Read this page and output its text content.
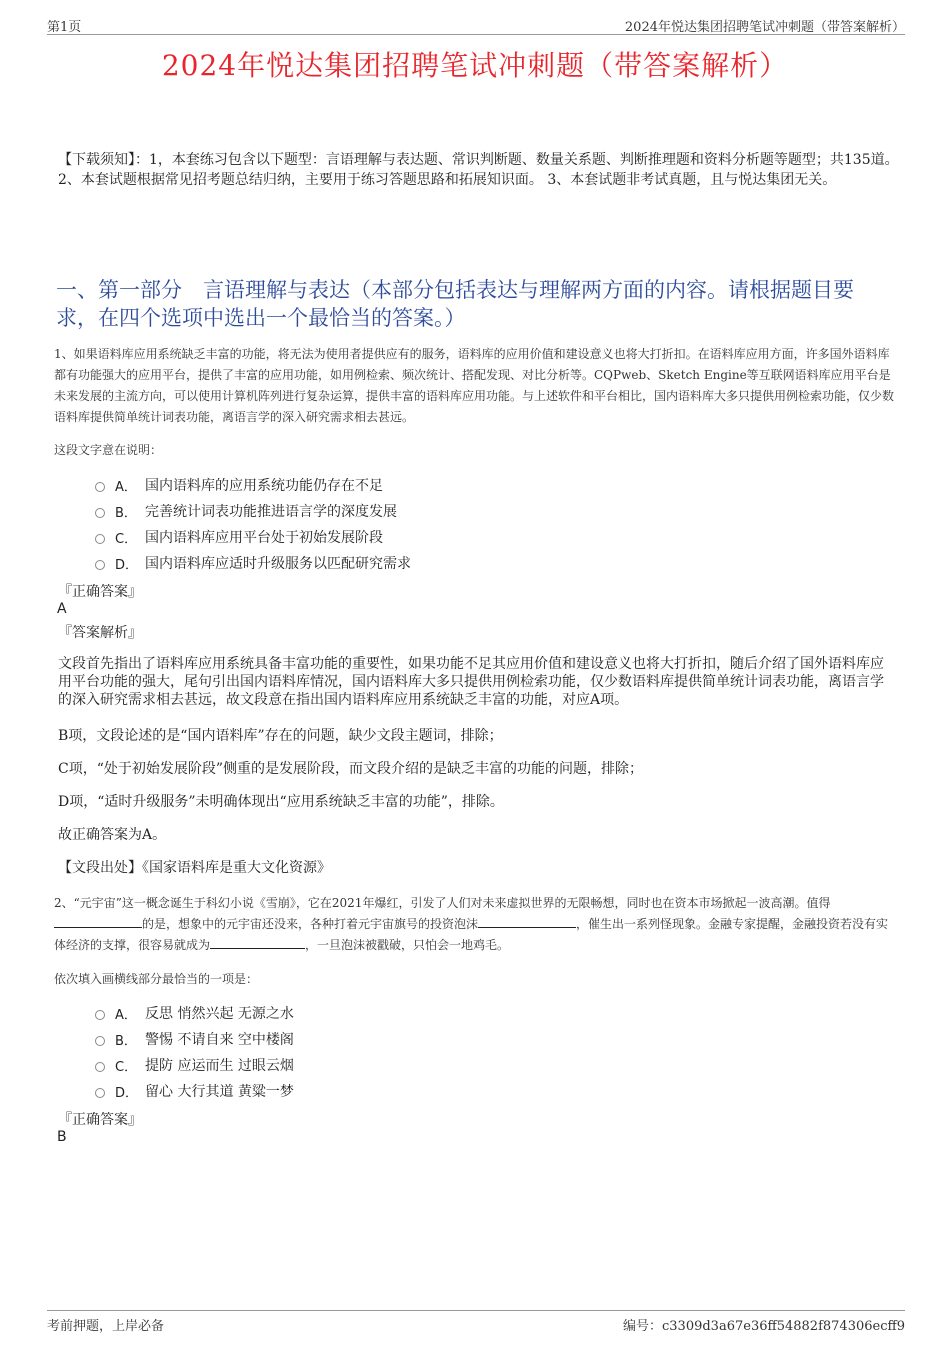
第1页	2024年悦达集团招聘笔试冲刺题（带答案解析）
2024年悦达集团招聘笔试冲刺题（带答案解析）
【下载须知】：1，本套练习包含以下题型：言语理解与表达题、常识判断题、数量关系题、判断推理题和资料分析题等题型；共135道。 2、本套试题根据常见招考题总结归纳，主要用于练习答题思路和拓展知识面。 3、本套试题非考试真题，且与悦达集团无关。
一、第一部分　言语理解与表达（本部分包括表达与理解两方面的内容。请根据题目要求，在四个选项中选出一个最恰当的答案。）
1、如果语料库应用系统缺乏丰富的功能，将无法为使用者提供应有的服务，语料库的应用价值和建设意义也将大打折扣。在语料库应用方面，许多国外语料库都有功能强大的应用平台，提供了丰富的应用功能，如用例检索、频次统计、搭配发现、对比分析等。CQPweb、Sketch Engine等互联网语料库应用平台是未来发展的主流方向，可以使用计算机阵列进行复杂运算，提供丰富的语料库应用功能。与上述软件和平台相比，国内语料库大多只提供用例检索功能，仅少数语料库提供简单统计词表功能，离语言学的深入研究需求相去甚远。
这段文字意在说明：
A． 国内语料库的应用系统功能仍存在不足
B． 完善统计词表功能推进语言学的深度发展
C． 国内语料库应用平台处于初始发展阶段
D． 国内语料库应适时升级服务以匹配研究需求
『正确答案』
A
『答案解析』
文段首先指出了语料库应用系统具备丰富功能的重要性，如果功能不足其应用价值和建设意义也将大打折扣，随后介绍了国外语料库应用平台功能的强大，尾句引出国内语料库情况，国内语料库大多只提供用例检索功能，仅少数语料库提供简单统计词表功能，离语言学的深入研究需求相去甚远，故文段意在指出国内语料库应用系统缺乏丰富的功能，对应A项。
B项，文段论述的是“国内语料库”存在的问题，缺少文段主题词，排除；
C项，“处于初始发展阶段”侧重的是发展阶段，而文段介绍的是缺乏丰富的功能的问题，排除；
D项，“适时升级服务”未明确体现出“应用系统缺乏丰富的功能”，排除。
故正确答案为A。
【文段出处】《国家语料库是重大文化资源》
2、“元宇宙”这一概念诞生于科幻小说《雪崩》，它在2021年爆红，引发了人们对未来虚拟世界的无限畅想，同时也在资本市场掀起一波高潮。值得的是，想象中的元宇宙还没来，各种打着元宇宙旗号的投资泡沫	，催生出一系列怪现象。金融专家提醒，金融投资若没有实体经济的支撑，很容易就成为	，一旦泡沫被戳破，只怕会一地鸡毛。
依次填入画横线部分最恰当的一项是：
A． 反思 悄然兴起 无源之水
B． 警惕 不请自来 空中楼阁
C． 提防 应运而生 过眼云烟
D． 留心 大行其道 黄粱一梦
『正确答案』
B
考前押题，上岸必备	编号：c3309d3a67e36ff54882f874306ecff9
